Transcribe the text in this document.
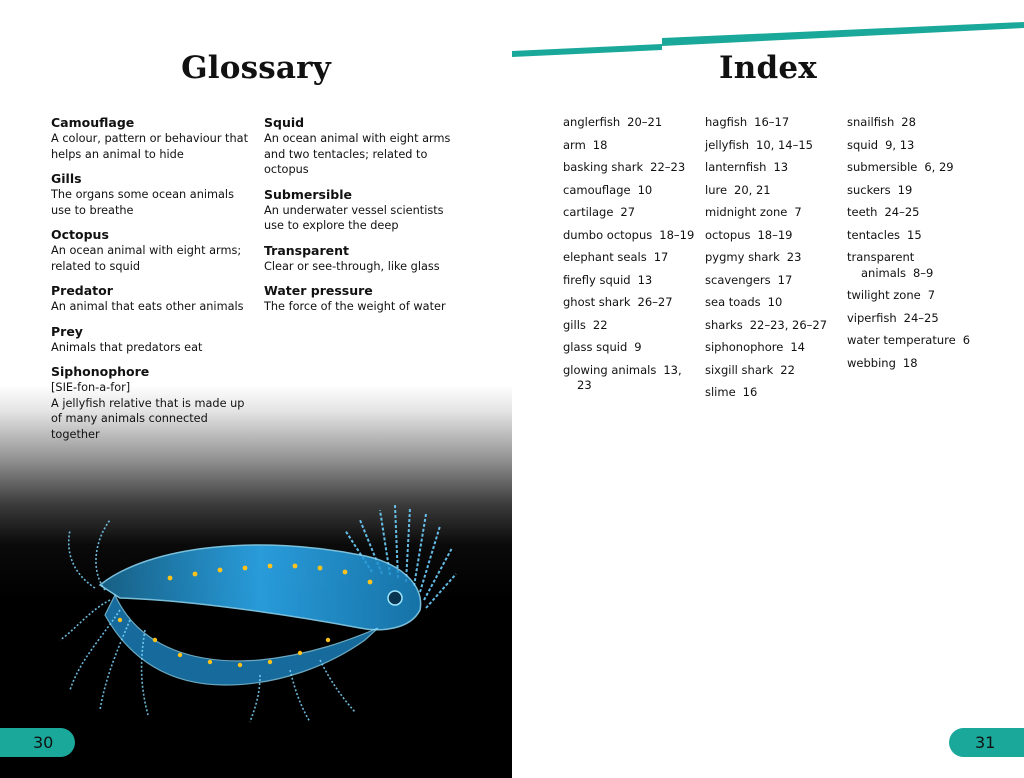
Glossary
Camouflage
A colour, pattern or behaviour that helps an animal to hide
Gills
The organs some ocean animals use to breathe
Octopus
An ocean animal with eight arms; related to squid
Predator
An animal that eats other animals
Prey
Animals that predators eat
Siphonophore
[SIE-fon-a-for]
A jellyfish relative that is made up of many animals connected together
Squid
An ocean animal with eight arms and two tentacles; related to octopus
Submersible
An underwater vessel scientists use to explore the deep
Transparent
Clear or see-through, like glass
Water pressure
The force of the weight of water
30
Index
anglerfish 20–21
arm 18
basking shark 22–23
camouflage 10
cartilage 27
dumbo octopus 18–19
elephant seals 17
firefly squid 13
ghost shark 26–27
gills 22
glass squid 9
glowing animals 13, 23
hagfish 16–17
jellyfish 10, 14–15
lanternfish 13
lure 20, 21
midnight zone 7
octopus 18–19
pygmy shark 23
scavengers 17
sea toads 10
sharks 22–23, 26–27
siphonophore 14
sixgill shark 22
slime 16
snailfish 28
squid 9, 13
submersible 6, 29
suckers 19
teeth 24–25
tentacles 15
transparent animals 8–9
twilight zone 7
viperfish 24–25
water temperature 6
webbing 18
31
